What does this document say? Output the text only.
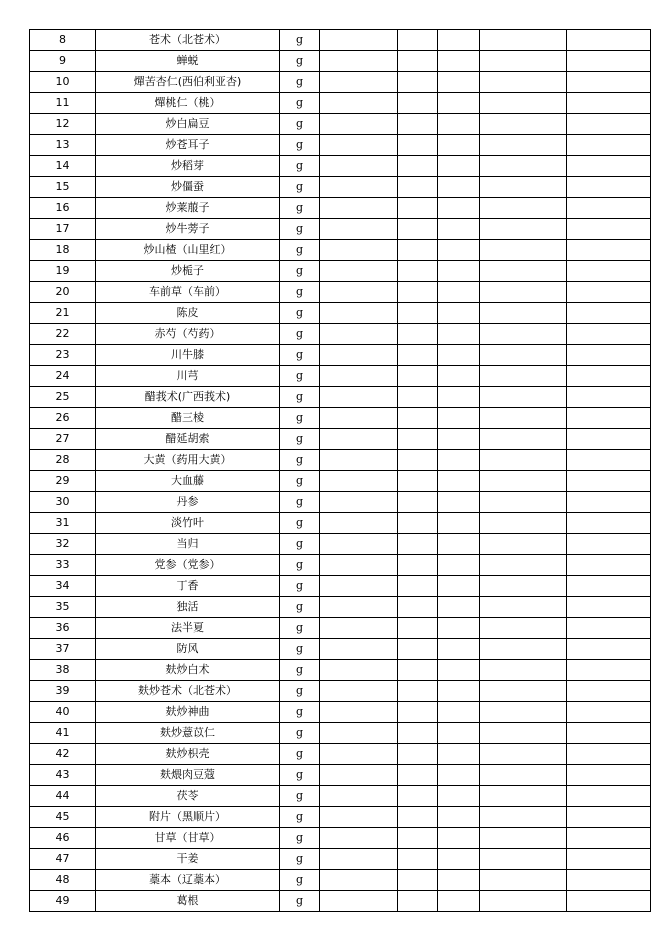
8	苍术（北苍术）	g					
9	蝉蜕	g					
10	燀苦杏仁(西伯利亚杏)	g					
11	燀桃仁（桃）	g					
12	炒白扁豆	g					
13	炒苍耳子	g					
14	炒稻芽	g					
15	炒僵蚕	g					
16	炒莱菔子	g					
17	炒牛蒡子	g					
18	炒山楂（山里红）	g					
19	炒栀子	g					
20	车前草（车前）	g					
21	陈皮	g					
22	赤芍（芍药）	g					
23	川牛膝	g					
24	川芎	g					
25	醋莪术(广西莪术)	g					
26	醋三棱	g					
27	醋延胡索	g					
28	大黄（药用大黄）	g					
29	大血藤	g					
30	丹参	g					
31	淡竹叶	g					
32	当归	g					
33	党参（党参）	g					
34	丁香	g					
35	独活	g					
36	法半夏	g					
37	防风	g					
38	麸炒白术	g					
39	麸炒苍术（北苍术）	g					
40	麸炒神曲	g					
41	麸炒薏苡仁	g					
42	麸炒枳壳	g					
43	麸煨肉豆蔻	g					
44	茯苓	g					
45	附片（黑顺片）	g					
46	甘草（甘草）	g					
47	干姜	g					
48	藁本（辽藁本）	g					
49	葛根	g					
